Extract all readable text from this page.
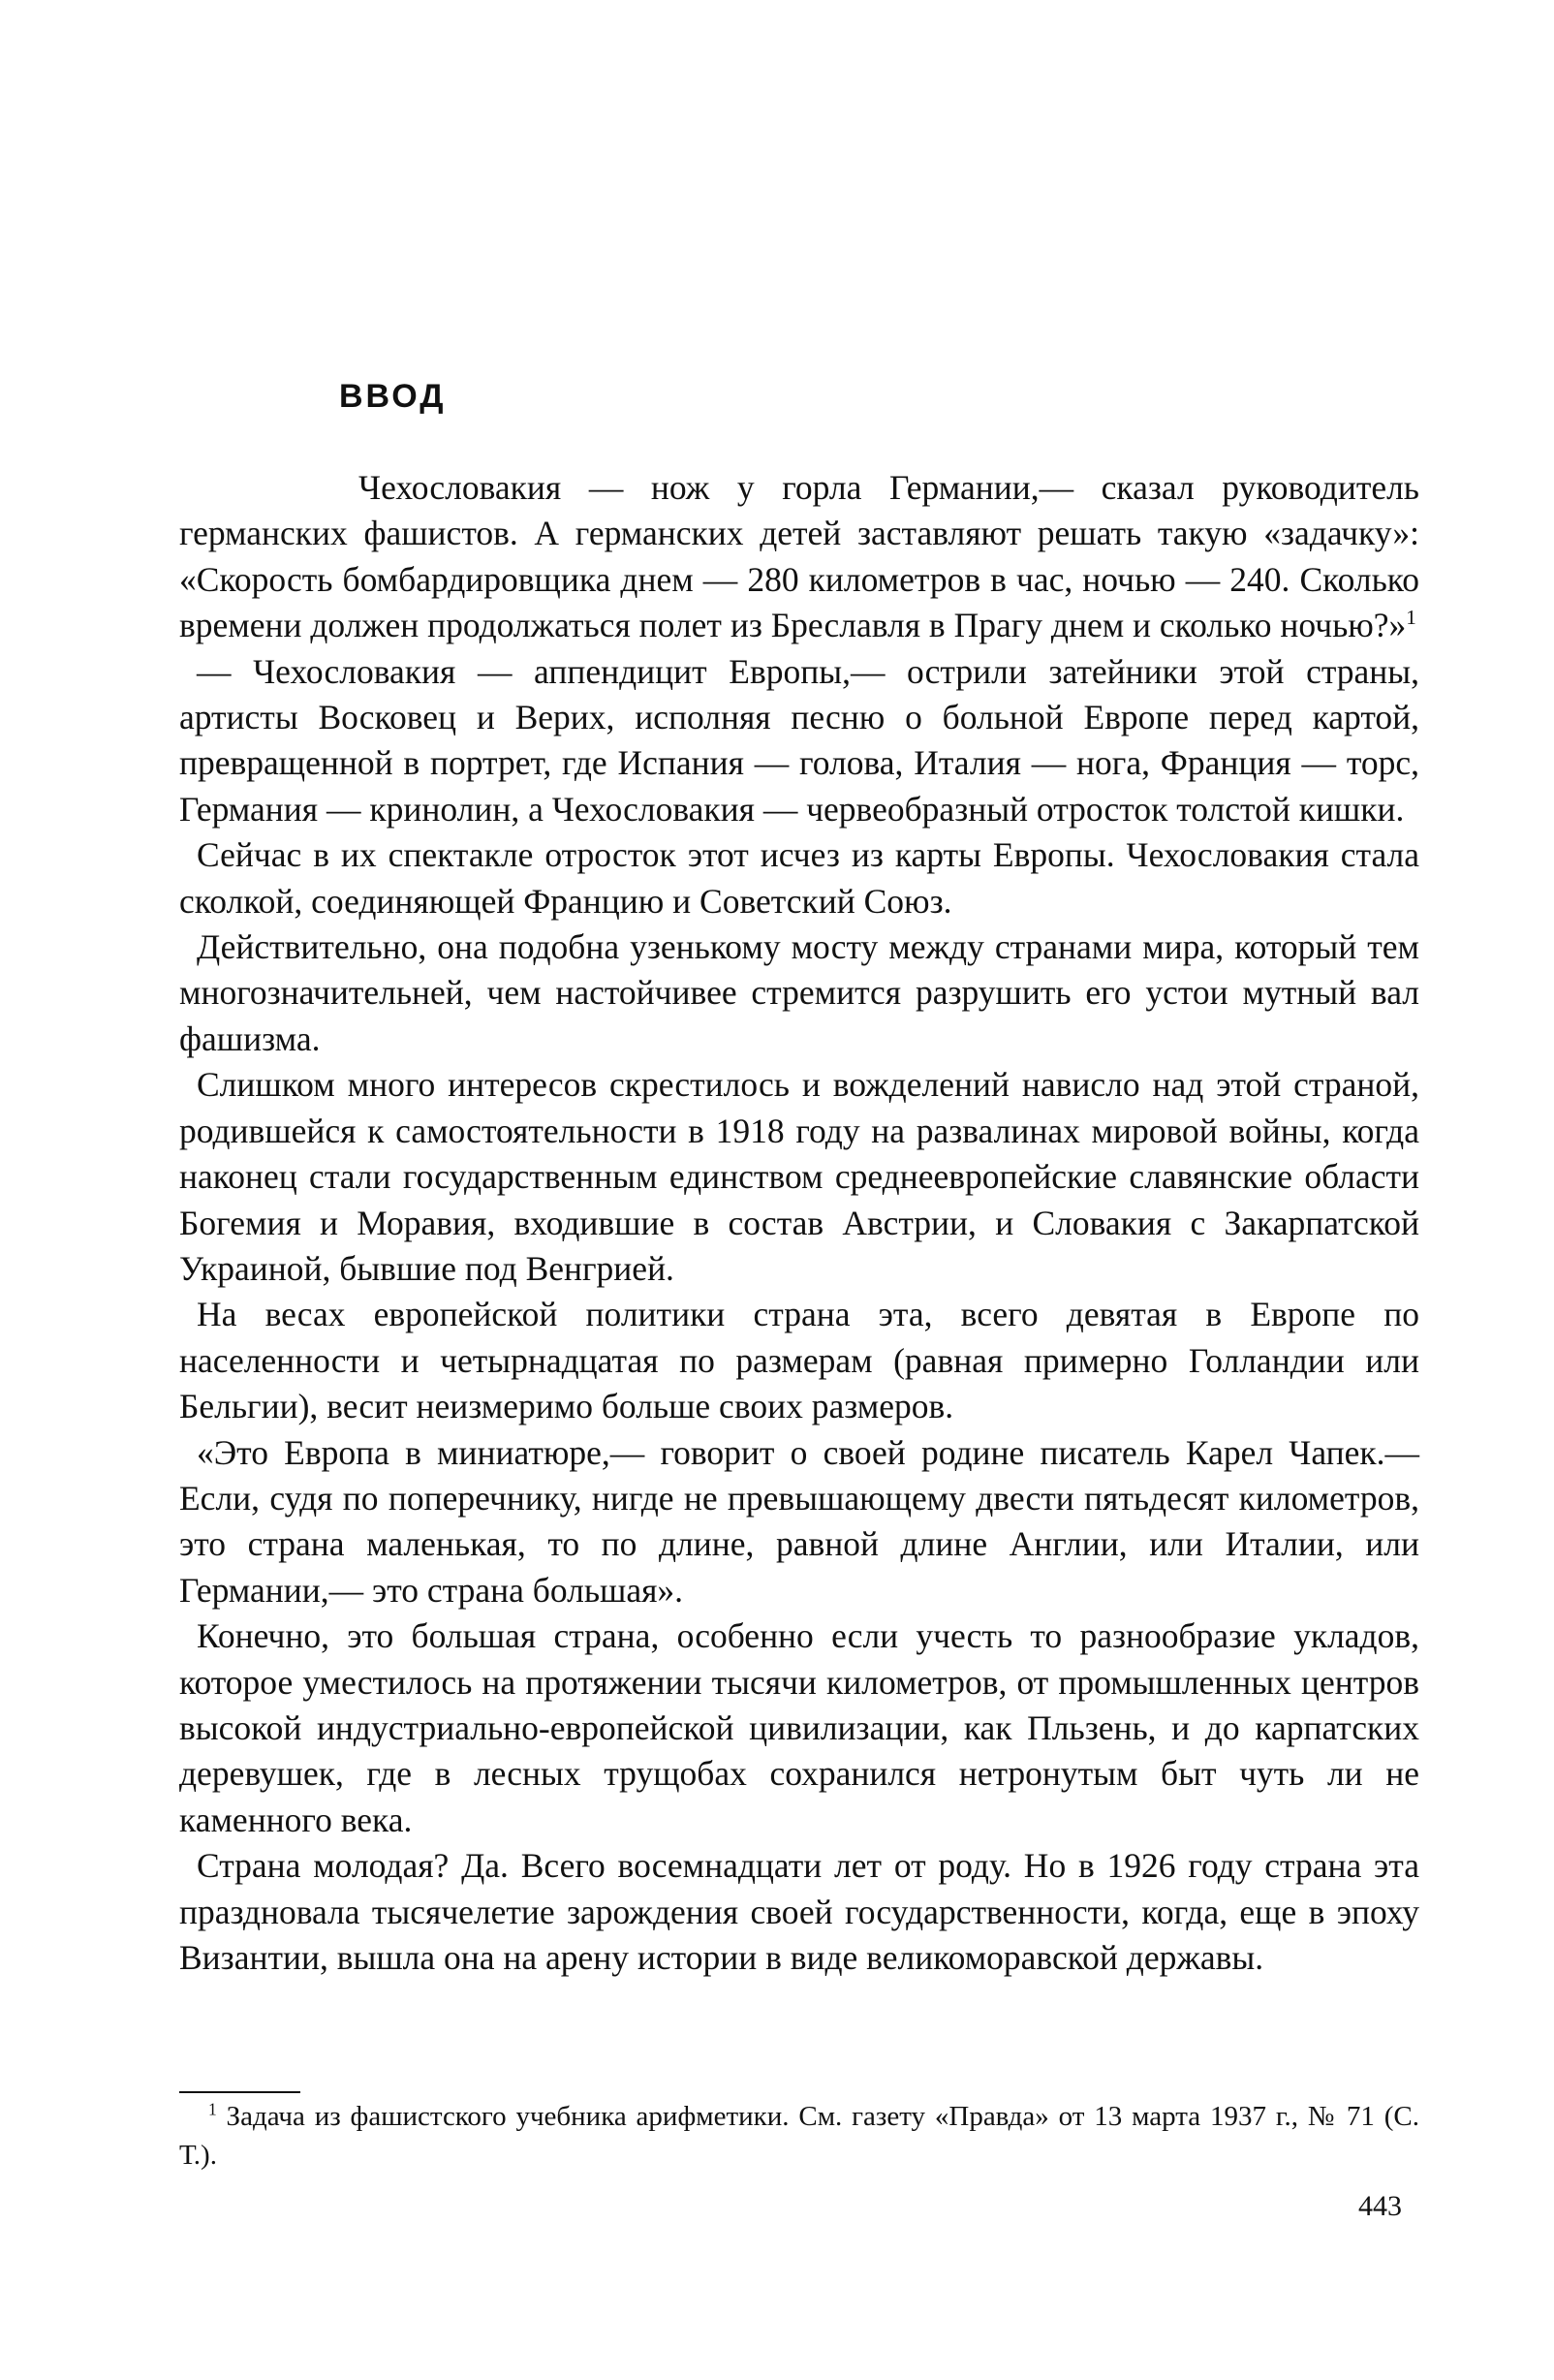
ВВОД

Чехословакия — нож у горла Германии,— сказал руководитель германских фашистов. А германских детей заставляют решать такую «задачку»: «Скорость бомбардировщика днем — 280 километров в час, ночью — 240. Сколько времени должен продолжаться полет из Бреславля в Прагу днем и сколько ночью?»$^1$

— Чехословакия — аппендицит Европы,— острили затейники этой страны, артисты Восковец и Верих, исполняя песню о больной Европе перед картой, превращенной в портрет, где Испания — голова, Италия — нога, Франция — торс, Германия — кринолин, а Чехословакия — червеобразный отросток толстой кишки.

Сейчас в их спектакле отросток этот исчез из карты Европы. Чехословакия стала сколкой, соединяющей Францию и Советский Союз.

Действительно, она подобна узенькому мосту между странами мира, который тем многозначительней, чем настойчивее стремится разрушить его устои мутный вал фашизма.

Слишком много интересов скрестилось и вожделений нависло над этой страной, родившейся к самостоятельности в 1918 году на развалинах мировой войны, когда наконец стали государственным единством среднеевропейские славянские области Богемия и Моравия, входившие в состав Австрии, и Словакия с Закарпатской Украиной, бывшие под Венгрией.

На весах европейской политики страна эта, всего девятая в Европе по населенности и четырнадцатая по размерам (равная примерно Голландии или Бельгии), весит неизмеримо больше своих размеров.

«Это Европа в миниатюре,— говорит о своей родине писатель Карел Чапек.— Если, судя по поперечнику, нигде не превышающему двести пятьдесят километров, это страна маленькая, то по длине, равной длине Англии, или Италии, или Германии,— это страна большая».

Конечно, это большая страна, особенно если учесть то разнообразие укладов, которое уместилось на протяжении тысячи километров, от промышленных центров высокой индустриально-европейской цивилизации, как Пльзень, и до карпатских деревушек, где в лесных трущобах сохранился нетронутым быт чуть ли не каменного века.

Страна молодая? Да. Всего восемнадцати лет от роду. Но в 1926 году страна эта праздновала тысячелетие зарождения своей государственности, когда, еще в эпоху Византии, вышла она на арену истории в виде великоморавской державы.

$^1$ Задача из фашистского учебника арифметики. См. газету «Правда» от 13 марта 1937 г., № 71 (С. Т.).

443
